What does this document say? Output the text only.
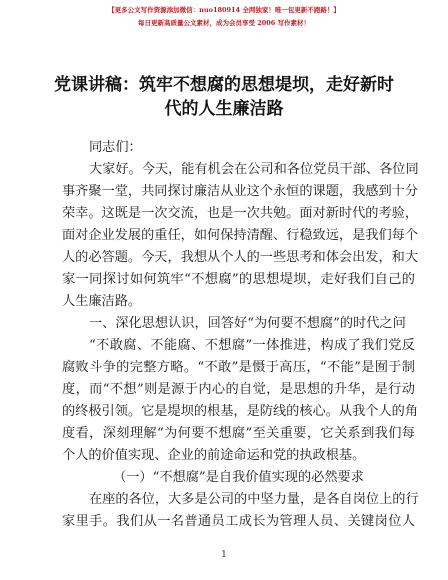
【更多公文写作资源添加微信：nuo180914 全网独家！唯一包更新不跑路！】
每日更新高质量公文素材，成为会员享受 2006 写作素材！
党课讲稿：筑牢不想腐的思想堤坝，走好新时
代的人生廉洁路
同志们：
大家好。今天，能有机会在公司和各位党员干部、各位同
事齐聚一堂，共同探讨廉洁从业这个永恒的课题，我感到十分
荣幸。这既是一次交流，也是一次共勉。面对新时代的考验，
面对企业发展的重任，如何保持清醒、行稳致远，是我们每个
人的必答题。今天，我想从个人的一些思考和体会出发，和大
家一同探讨如何筑牢“不想腐”的思想堤坝，走好我们自己的
人生廉洁路。
一、深化思想认识，回答好“为何要不想腐”的时代之问
“不敢腐、不能腐、不想腐”一体推进，构成了我们党反
腐败斗争的完整方略。“不敢”是慑于高压，“不能”是囿于制
度，而“不想”则是源于内心的自觉，是思想的升华，是行动
的终极引领。它是堤坝的根基，是防线的核心。从我个人的角
度看，深刻理解“为何要不想腐”至关重要，它关系到我们每
个人的价值实现、企业的前途命运和党的执政根基。
（一）“不想腐”是自我价值实现的必然要求
在座的各位，大多是公司的中坚力量，是各自岗位上的行
家里手。我们从一名普通员工成长为管理人员、关键岗位人
1
